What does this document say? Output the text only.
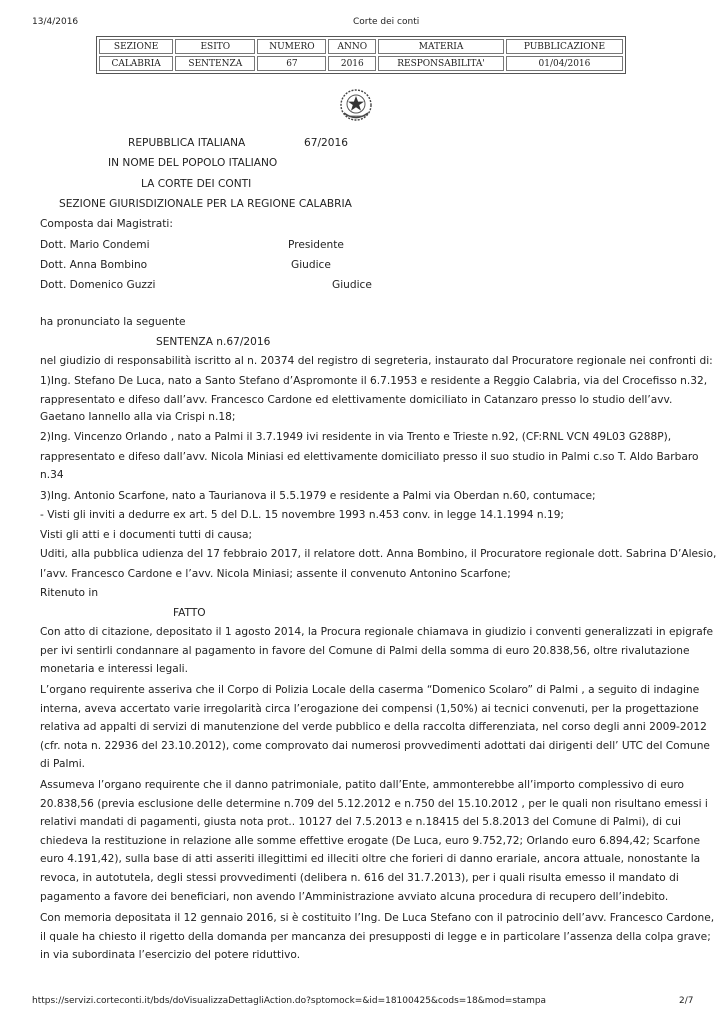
13/4/2016	Corte dei conti
SEZIONE	ESITO	NUMERO	ANNO	MATERIA	PUBBLICAZIONE
CALABRIA	SENTENZA	67	2016	RESPONSABILITA'	01/04/2016
REPUBBLICA ITALIANA	67/2016
IN NOME DEL POPOLO ITALIANO
LA CORTE DEI CONTI
SEZIONE GIURISDIZIONALE PER LA REGIONE CALABRIA
Composta dai Magistrati:
Dott. Mario Condemi	Presidente
Dott. Anna Bombino	Giudice
Dott. Domenico Guzzi	Giudice
ha pronunciato la seguente
SENTENZA n.67/2016
nel giudizio di responsabilità iscritto al n. 20374 del registro di segreteria, instaurato dal Procuratore regionale nei confronti di:
1)Ing. Stefano De Luca, nato a Santo Stefano d’Aspromonte il 6.7.1953 e residente a Reggio Calabria, via del Crocefisso n.32,
rappresentato e difeso dall’avv. Francesco Cardone ed elettivamente domiciliato in Catanzaro presso lo studio dell’avv.
Gaetano Iannello alla via Crispi n.18;
2)Ing. Vincenzo Orlando , nato a Palmi il 3.7.1949 ivi residente in via Trento e Trieste n.92, (CF:RNL VCN 49L03 G288P),
rappresentato e difeso dall’avv. Nicola Miniasi ed elettivamente domiciliato presso il suo studio in Palmi c.so T. Aldo Barbaro
n.34
3)Ing. Antonio Scarfone, nato a Taurianova il 5.5.1979 e residente a Palmi via Oberdan n.60, contumace;
- Visti gli inviti a dedurre ex art. 5 del D.L. 15 novembre 1993 n.453 conv. in legge 14.1.1994 n.19;
Visti gli atti e i documenti tutti di causa;
Uditi, alla pubblica udienza del 17 febbraio 2017, il relatore dott. Anna Bombino, il Procuratore regionale dott. Sabrina D’Alesio,
l’avv. Francesco Cardone e l’avv. Nicola Miniasi; assente il convenuto Antonino Scarfone;
Ritenuto in
FATTO
Con atto di citazione, depositato il 1 agosto 2014, la Procura regionale chiamava in giudizio i conventi generalizzati in epigrafe
per ivi sentirli condannare al pagamento in favore del Comune di Palmi della somma di euro 20.838,56, oltre rivalutazione
monetaria e interessi legali.
L’organo requirente asseriva che il Corpo di Polizia Locale della caserma “Domenico Scolaro” di Palmi , a seguito di indagine
interna, aveva accertato varie irregolarità circa l’erogazione dei compensi (1,50%) ai tecnici convenuti, per la progettazione
relativa ad appalti di servizi di manutenzione del verde pubblico e della raccolta differenziata, nel corso degli anni 2009-2012
(cfr. nota n. 22936 del 23.10.2012), come comprovato dai numerosi provvedimenti adottati dai dirigenti dell’ UTC del Comune
di Palmi.
Assumeva l’organo requirente che il danno patrimoniale, patito dall’Ente, ammonterebbe all’importo complessivo di euro
20.838,56 (previa esclusione delle determine n.709 del 5.12.2012 e n.750 del 15.10.2012 , per le quali non risultano emessi i
relativi mandati di pagamenti, giusta nota prot.. 10127 del 7.5.2013 e n.18415 del 5.8.2013 del Comune di Palmi), di cui
chiedeva la restituzione in relazione alle somme effettive erogate (De Luca, euro 9.752,72; Orlando euro 6.894,42; Scarfone
euro 4.191,42), sulla base di atti asseriti illegittimi ed illeciti oltre che forieri di danno erariale, ancora attuale, nonostante la
revoca, in autotutela, degli stessi provvedimenti (delibera n. 616 del 31.7.2013), per i quali risulta emesso il mandato di
pagamento a favore dei beneficiari, non avendo l’Amministrazione avviato alcuna procedura di recupero dell’indebito.
Con memoria depositata il 12 gennaio 2016, si è costituito l’Ing. De Luca Stefano con il patrocinio dell’avv. Francesco Cardone,
il quale ha chiesto il rigetto della domanda per mancanza dei presupposti di legge e in particolare l’assenza della colpa grave;
in via subordinata l’esercizio del potere riduttivo.
https://servizi.corteconti.it/bds/doVisualizzaDettagliAction.do?sptomock=&id=18100425&cods=18&mod=stampa	2/7
